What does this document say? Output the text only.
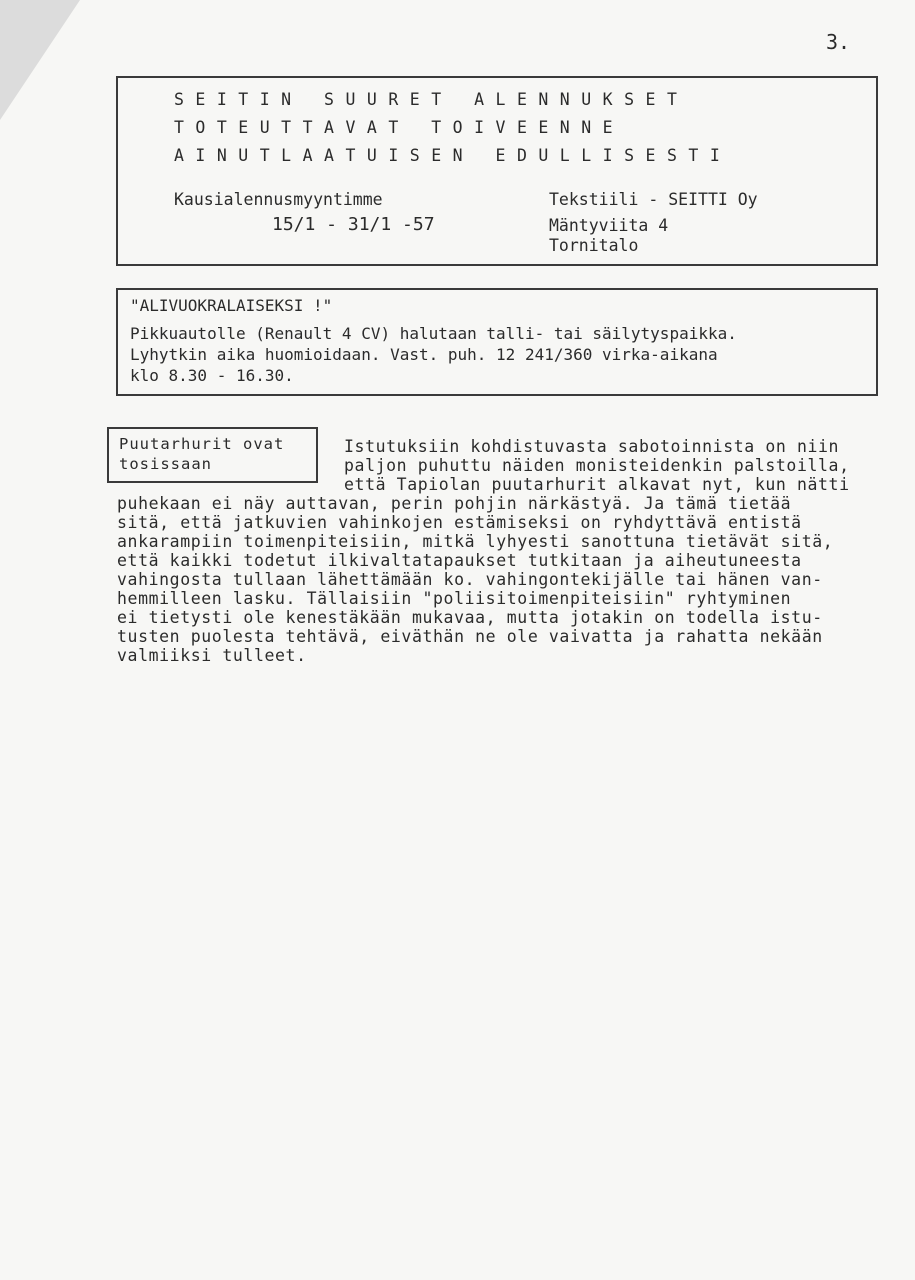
3.
SEITIN SUURET ALENNUKSET
TOTEUTTAVAT TOIVEENNE
AINUTLAATUISEN EDULLISESTI
Kausialennusmyyntimme
15/1 - 31/1 -57
Tekstiili - SEITTI Oy
Mäntyviita 4
Tornitalo
"ALIVUOKRALAISEKSI !"
Pikkuautolle (Renault 4 CV) halutaan talli- tai säilytyspaikka.
Lyhytkin aika huomioidaan. Vast. puh. 12 241/360 virka-aikana
klo 8.30 - 16.30.
Puutarhurit ovat
tosissaan
Istutuksiin kohdistuvasta sabotoinnista on niin
paljon puhuttu näiden monisteidenkin palstoilla,
että Tapiolan puutarhurit alkavat nyt, kun nätti
puhekaan ei näy auttavan, perin pohjin närkästyä. Ja tämä tietää
sitä, että jatkuvien vahinkojen estämiseksi on ryhdyttävä entistä
ankarampiin toimenpiteisiin, mitkä lyhyesti sanottuna tietävät sitä,
että kaikki todetut ilkivaltatapaukset tutkitaan ja aiheutuneesta
vahingosta tullaan lähettämään ko. vahingontekijälle tai hänen van-
hemmilleen lasku. Tällaisiin "poliisitoimenpiteisiin" ryhtyminen
ei tietysti ole kenestäkään mukavaa, mutta jotakin on todella istu-
tusten puolesta tehtävä, eiväthän ne ole vaivatta ja rahatta nekään
valmiiksi tulleet.
